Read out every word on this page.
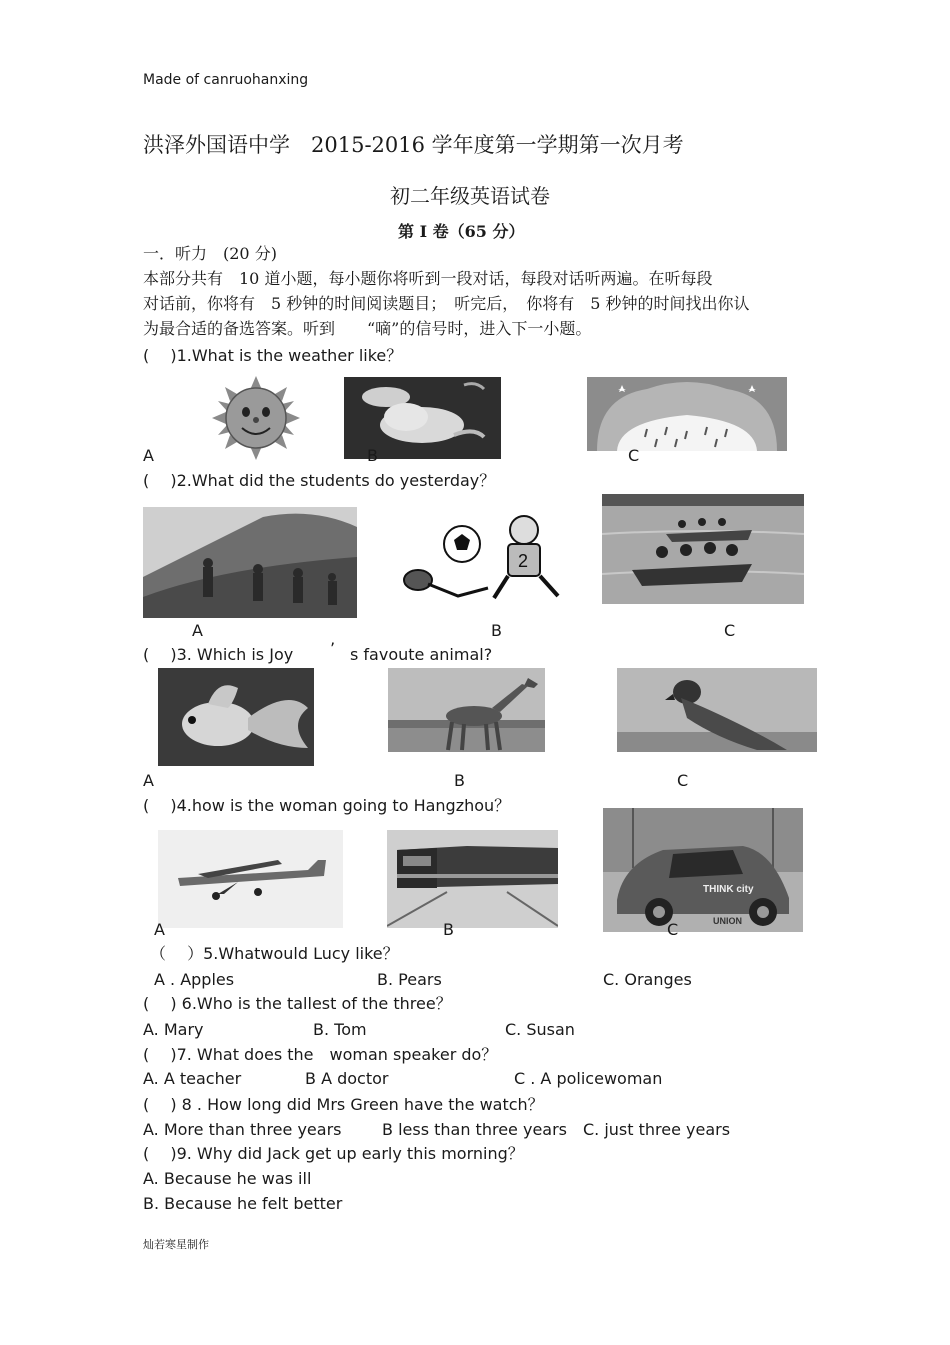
Made of canruohanxing
洪泽外国语中学　2015-2016 学年度第一学期第一次月考
初二年级英语试卷
第 I 卷（65 分）
一．听力　(20 分)
本部分共有　10 道小题，每小题你将听到一段对话，每段对话听两遍。在听每段
对话前，你将有　5 秒钟的时间阅读题目；　听完后，　你将有　5 秒钟的时间找出你认
为最合适的备选答案。听到　　“嘀”的信号时，进入下一小题。
(　 )1.What is the weather like？
A	B	C
(　 )2.What did the students do yesterday？
2
A	B	C
(　 )3. Which is Joy ’ s favoute animal?
A	B	C
(　 )4.how is the woman going to Hangzhou？
THINK city
UNION
A	B	C
（　 ）5.Whatwould Lucy like？
A . Apples	B. Pears	C. Oranges
(　 ) 6.Who is the tallest of the three？
A. Mary	B. Tom	C. Susan
(　 )7. What does the　woman speaker do？
A. A teacher	B A doctor	C . A policewoman
(　 ) 8 . How long did Mrs Green have the watch？
A. More than three years	B less than three years C. just three years
(　 )9. Why did Jack get up early this morning？
A. Because he was ill
B. Because he felt better
灿若寒星制作
